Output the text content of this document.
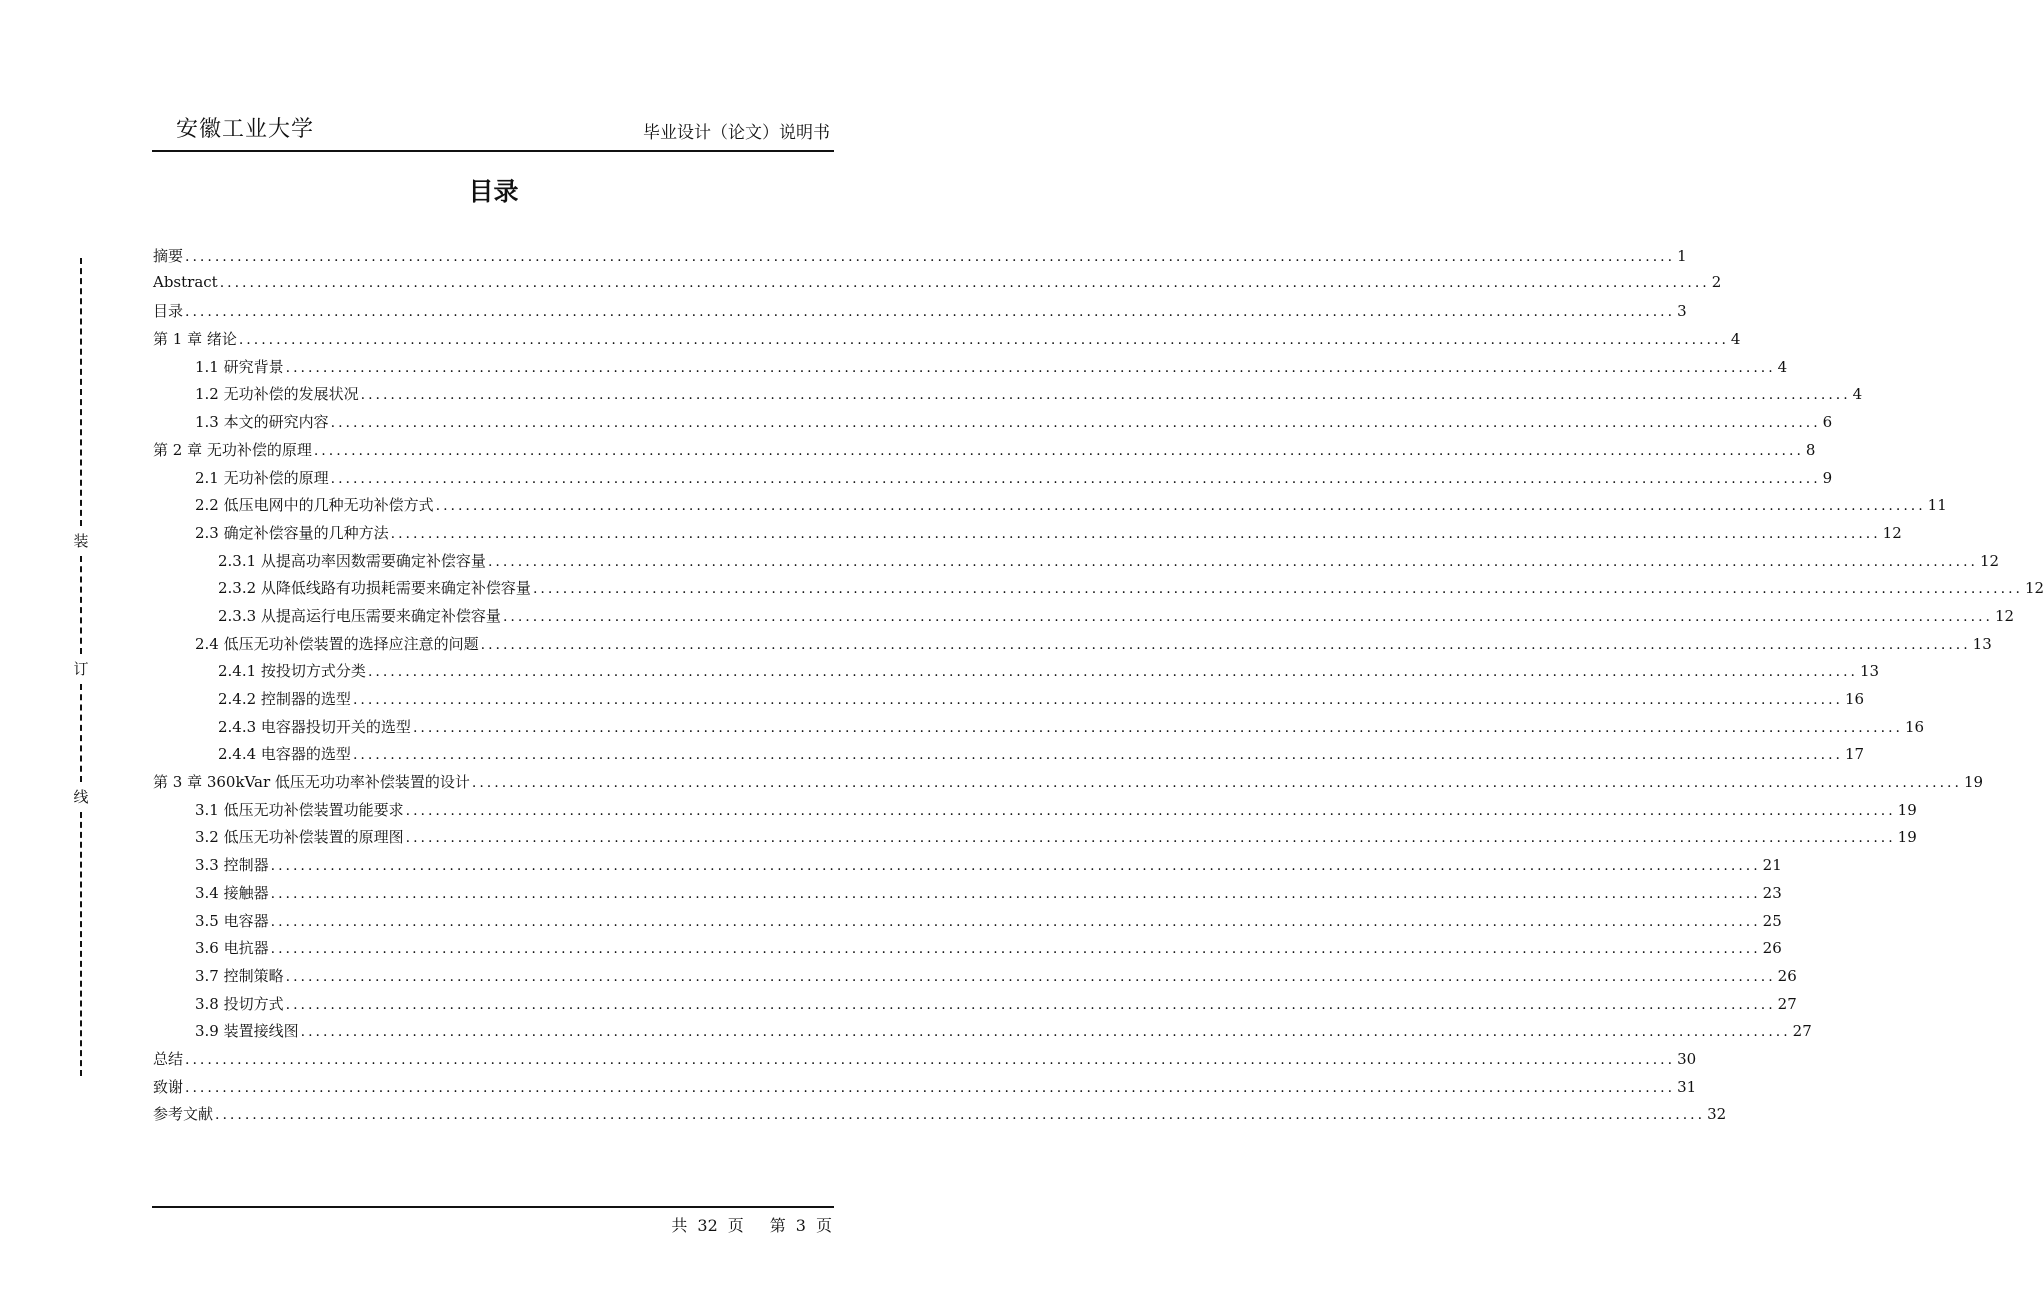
安徽工业大学	毕业设计（论文）说明书
目录
装
订
线
摘要 ........................................................................................................................................................................................................ 1
Abstract ........................................................................................................................................................................................................ 2
目录 ........................................................................................................................................................................................................ 3
第 1 章 绪论 ........................................................................................................................................................................................................ 4
1.1 研究背景 ........................................................................................................................................................................................................ 4
1.2 无功补偿的发展状况 ........................................................................................................................................................................................................ 4
1.3 本文的研究内容 ........................................................................................................................................................................................................ 6
第 2 章 无功补偿的原理 ........................................................................................................................................................................................................ 8
2.1 无功补偿的原理 ........................................................................................................................................................................................................ 9
2.2 低压电网中的几种无功补偿方式 ........................................................................................................................................................................................................ 11
2.3 确定补偿容量的几种方法 ........................................................................................................................................................................................................ 12
2.3.1 从提高功率因数需要确定补偿容量 ........................................................................................................................................................................................................ 12
2.3.2 从降低线路有功损耗需要来确定补偿容量 ........................................................................................................................................................................................................ 12
2.3.3 从提高运行电压需要来确定补偿容量 ........................................................................................................................................................................................................ 12
2.4 低压无功补偿装置的选择应注意的问题 ........................................................................................................................................................................................................ 13
2.4.1 按投切方式分类 ........................................................................................................................................................................................................ 13
2.4.2 控制器的选型 ........................................................................................................................................................................................................ 16
2.4.3 电容器投切开关的选型 ........................................................................................................................................................................................................ 16
2.4.4 电容器的选型 ........................................................................................................................................................................................................ 17
第 3 章 360kVar 低压无功功率补偿装置的设计 ........................................................................................................................................................................................................ 19
3.1 低压无功补偿装置功能要求 ........................................................................................................................................................................................................ 19
3.2 低压无功补偿装置的原理图 ........................................................................................................................................................................................................ 19
3.3 控制器 ........................................................................................................................................................................................................ 21
3.4 接触器 ........................................................................................................................................................................................................ 23
3.5 电容器 ........................................................................................................................................................................................................ 25
3.6 电抗器 ........................................................................................................................................................................................................ 26
3.7 控制策略 ........................................................................................................................................................................................................ 26
3.8 投切方式 ........................................................................................................................................................................................................ 27
3.9 装置接线图 ........................................................................................................................................................................................................ 27
总结 ........................................................................................................................................................................................................ 30
致谢 ........................................................................................................................................................................................................ 31
参考文献 ........................................................................................................................................................................................................ 32
共 32 页 第 3 页
